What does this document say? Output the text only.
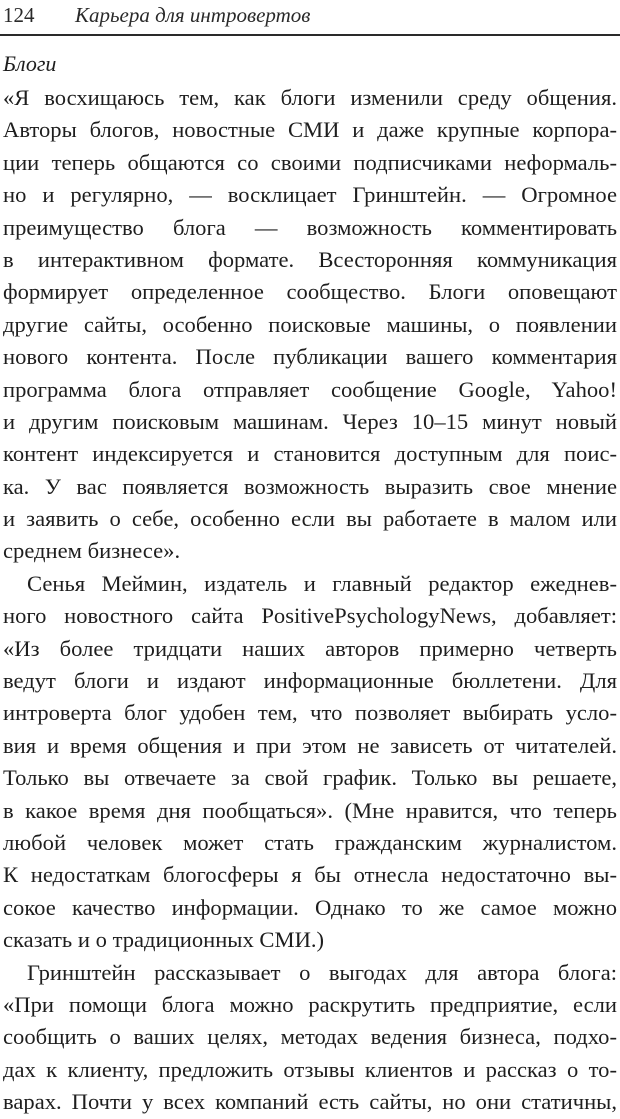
124 Карьера для интровертов
Блоги
«Я восхищаюсь тем, как блоги изменили среду общения.
Авторы блогов, новостные СМИ и даже крупные корпора-
ции теперь общаются со своими подписчиками неформаль-
но и регулярно, — восклицает Гринштейн. — Огромное
преимущество блога — возможность комментировать
в интерактивном формате. Всесторонняя коммуникация
формирует определенное сообщество. Блоги оповещают
другие сайты, особенно поисковые машины, о появлении
нового контента. После публикации вашего комментария
программа блога отправляет сообщение Google, Yahoo!
и другим поисковым машинам. Через 10–15 минут новый
контент индексируется и становится доступным для поис-
ка. У вас появляется возможность выразить свое мнение
и заявить о себе, особенно если вы работаете в малом или
среднем бизнесе».
Сенья Меймин, издатель и главный редактор ежеднев-
ного новостного сайта PositivePsychologyNews, добавляет:
«Из более тридцати наших авторов примерно четверть
ведут блоги и издают информационные бюллетени. Для
интроверта блог удобен тем, что позволяет выбирать усло-
вия и время общения и при этом не зависеть от читателей.
Только вы отвечаете за свой график. Только вы решаете,
в какое время дня пообщаться». (Мне нравится, что теперь
любой человек может стать гражданским журналистом.
К недостаткам блогосферы я бы отнесла недостаточно вы-
сокое качество информации. Однако то же самое можно
сказать и о традиционных СМИ.)
Гринштейн рассказывает о выгодах для автора блога:
«При помощи блога можно раскрутить предприятие, если
сообщить о ваших целях, методах ведения бизнеса, подхо-
дах к клиенту, предложить отзывы клиентов и рассказ о то-
варах. Почти у всех компаний есть сайты, но они статичны,
